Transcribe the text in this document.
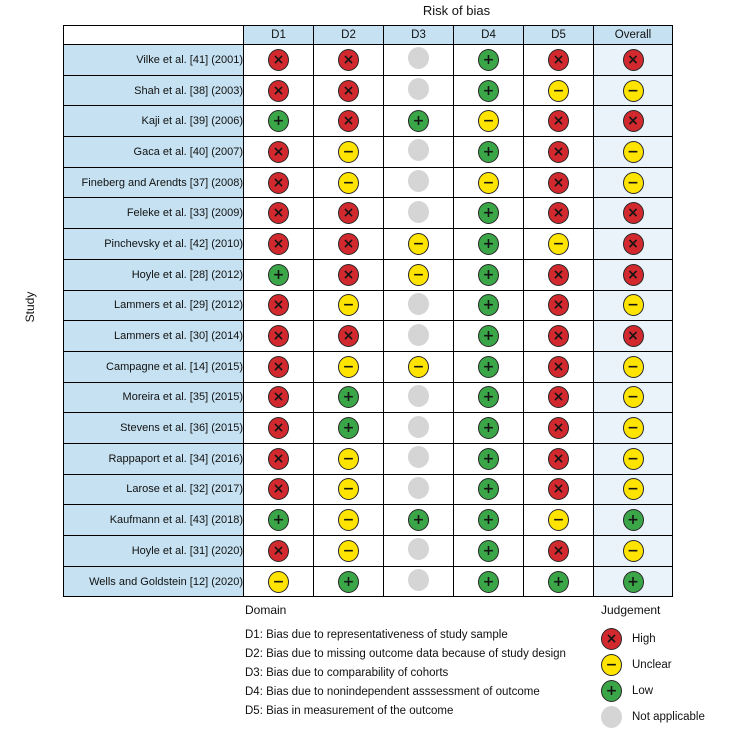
Risk of bias
Study
	D1	D2	D3	D4	D5	Overall
Vilke et al. [41] (2001)	×	×		+	×	×
Shah et al. [38] (2003)	×	×		+	−	−
Kaji et al. [39] (2006)	+	×	+	−	×	×
Gaca et al. [40] (2007)	×	−		+	×	−
Fineberg and Arendts [37] (2008)	×	−		−	×	−
Feleke et al. [33] (2009)	×	×		+	×	×
Pinchevsky et al. [42] (2010)	×	×	−	+	−	×
Hoyle et al. [28] (2012)	+	×	−	+	×	×
Lammers et al. [29] (2012)	×	−		+	×	−
Lammers et al. [30] (2014)	×	×		+	×	×
Campagne et al. [14] (2015)	×	−	−	+	×	−
Moreira et al. [35] (2015)	×	+		+	×	−
Stevens et al. [36] (2015)	×	+		+	×	−
Rappaport et al. [34] (2016)	×	−		+	×	−
Larose et al. [32] (2017)	×	−		+	×	−
Kaufmann et al. [43] (2018)	+	−	+	+	−	+
Hoyle et al. [31] (2020)	×	−		+	×	−
Wells and Goldstein [12] (2020)	−	+		+	+	+
Domain
D1: Bias due to representativeness of study sample
D2: Bias due to missing outcome data because of study design
D3: Bias due to comparability of cohorts
D4: Bias due to nonindependent asssessment of outcome
D5: Bias in measurement of the outcome
Judgement
×	High
−	Unclear
+	Low
Not applicable
